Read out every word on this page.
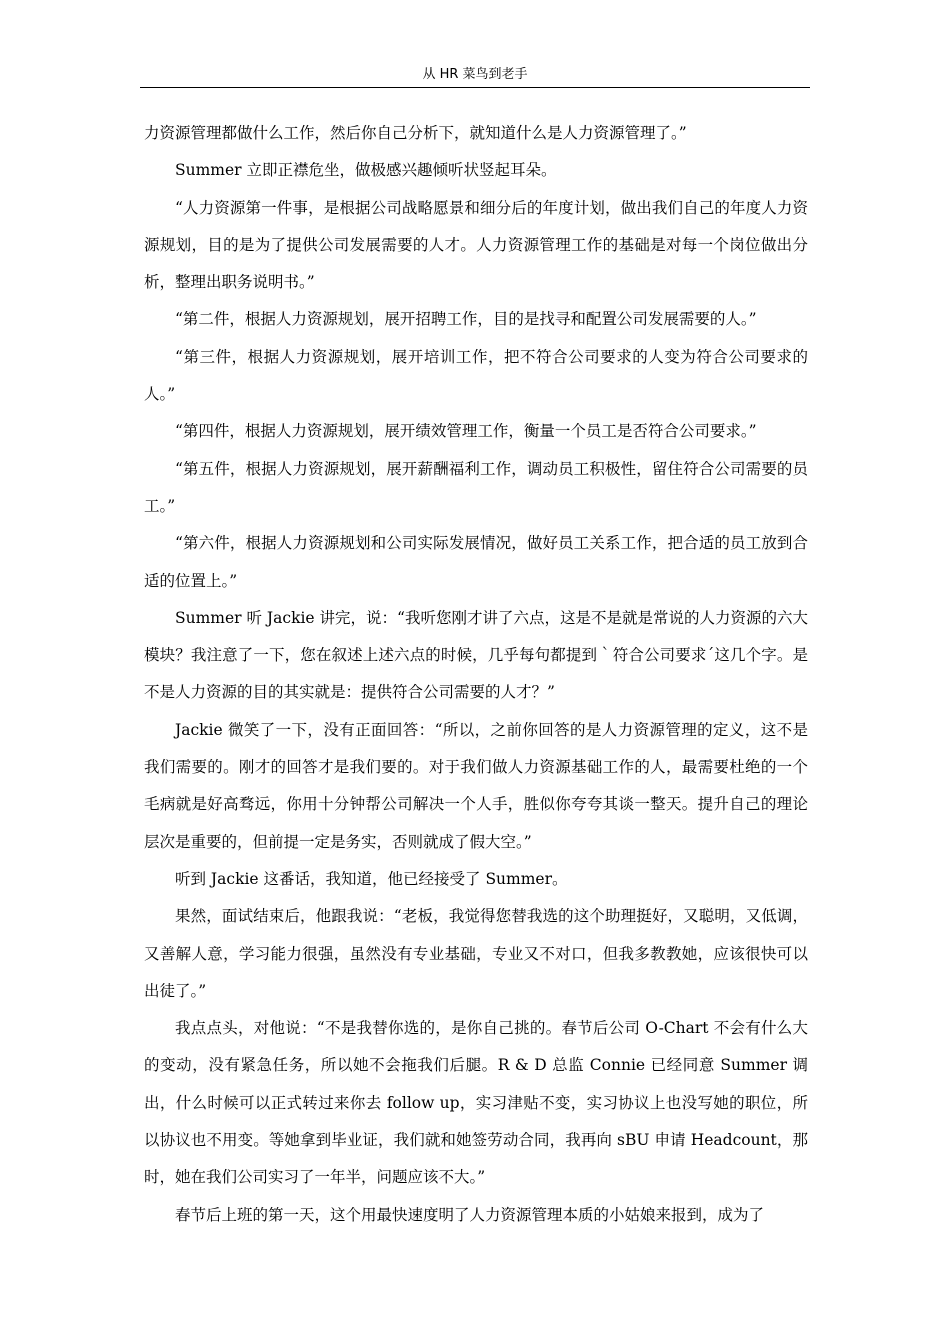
从 HR 菜鸟到老手

力资源管理都做什么工作，然后你自己分析下，就知道什么是人力资源管理了。”

Summer 立即正襟危坐，做极感兴趣倾听状竖起耳朵。

“人力资源第一件事，是根据公司战略愿景和细分后的年度计划，做出我们自己的年度人力资源规划，目的是为了提供公司发展需要的人才。人力资源管理工作的基础是对每一个岗位做出分析，整理出职务说明书。”

“第二件，根据人力资源规划，展开招聘工作，目的是找寻和配置公司发展需要的人。”

“第三件，根据人力资源规划，展开培训工作，把不符合公司要求的人变为符合公司要求的人。”

“第四件，根据人力资源规划，展开绩效管理工作，衡量一个员工是否符合公司要求。”

“第五件，根据人力资源规划，展开薪酬福利工作，调动员工积极性，留住符合公司需要的员工。”

“第六件，根据人力资源规划和公司实际发展情况，做好员工关系工作，把合适的员工放到合适的位置上。”

Summer 听 Jackie 讲完，说：“我听您刚才讲了六点，这是不是就是常说的人力资源的六大模块？我注意了一下，您在叙述上述六点的时候，几乎每句都提到｀符合公司要求´这几个字。是不是人力资源的目的其实就是：提供符合公司需要的人才？”

Jackie 微笑了一下，没有正面回答：“所以，之前你回答的是人力资源管理的定义，这不是我们需要的。刚才的回答才是我们要的。对于我们做人力资源基础工作的人，最需要杜绝的一个毛病就是好高骛远，你用十分钟帮公司解决一个人手，胜似你夸夸其谈一整天。提升自己的理论层次是重要的，但前提一定是务实，否则就成了假大空。”

听到 Jackie 这番话，我知道，他已经接受了 Summer。

果然，面试结束后，他跟我说：“老板，我觉得您替我选的这个助理挺好，又聪明，又低调，又善解人意，学习能力很强，虽然没有专业基础，专业又不对口，但我多教教她，应该很快可以出徒了。”

我点点头，对他说：“不是我替你选的，是你自己挑的。春节后公司 O-Chart 不会有什么大的变动，没有紧急任务，所以她不会拖我们后腿。R & D 总监 Connie 已经同意 Summer 调出，什么时候可以正式转过来你去 follow up，实习津贴不变，实习协议上也没写她的职位，所以协议也不用变。等她拿到毕业证，我们就和她签劳动合同，我再向 sBU 申请 Headcount，那时，她在我们公司实习了一年半，问题应该不大。”

春节后上班的第一天，这个用最快速度明了人力资源管理本质的小姑娘来报到，成为了
